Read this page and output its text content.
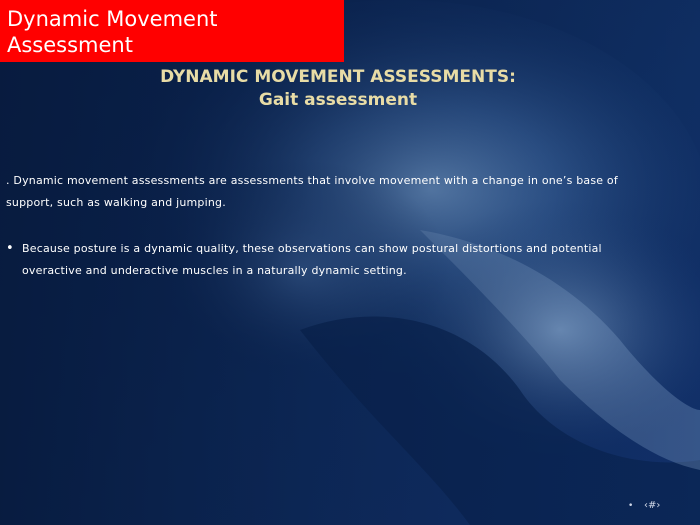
Dynamic Movement Assessment
DYNAMIC MOVEMENT ASSESSMENTS:
Gait assessment
. Dynamic movement assessments are assessments that involve movement with a change in one’s base of support, such as walking and jumping.
• Because posture is a dynamic quality, these observations can show postural distortions and potential overactive and underactive muscles in a naturally dynamic setting.
• ‹#›
